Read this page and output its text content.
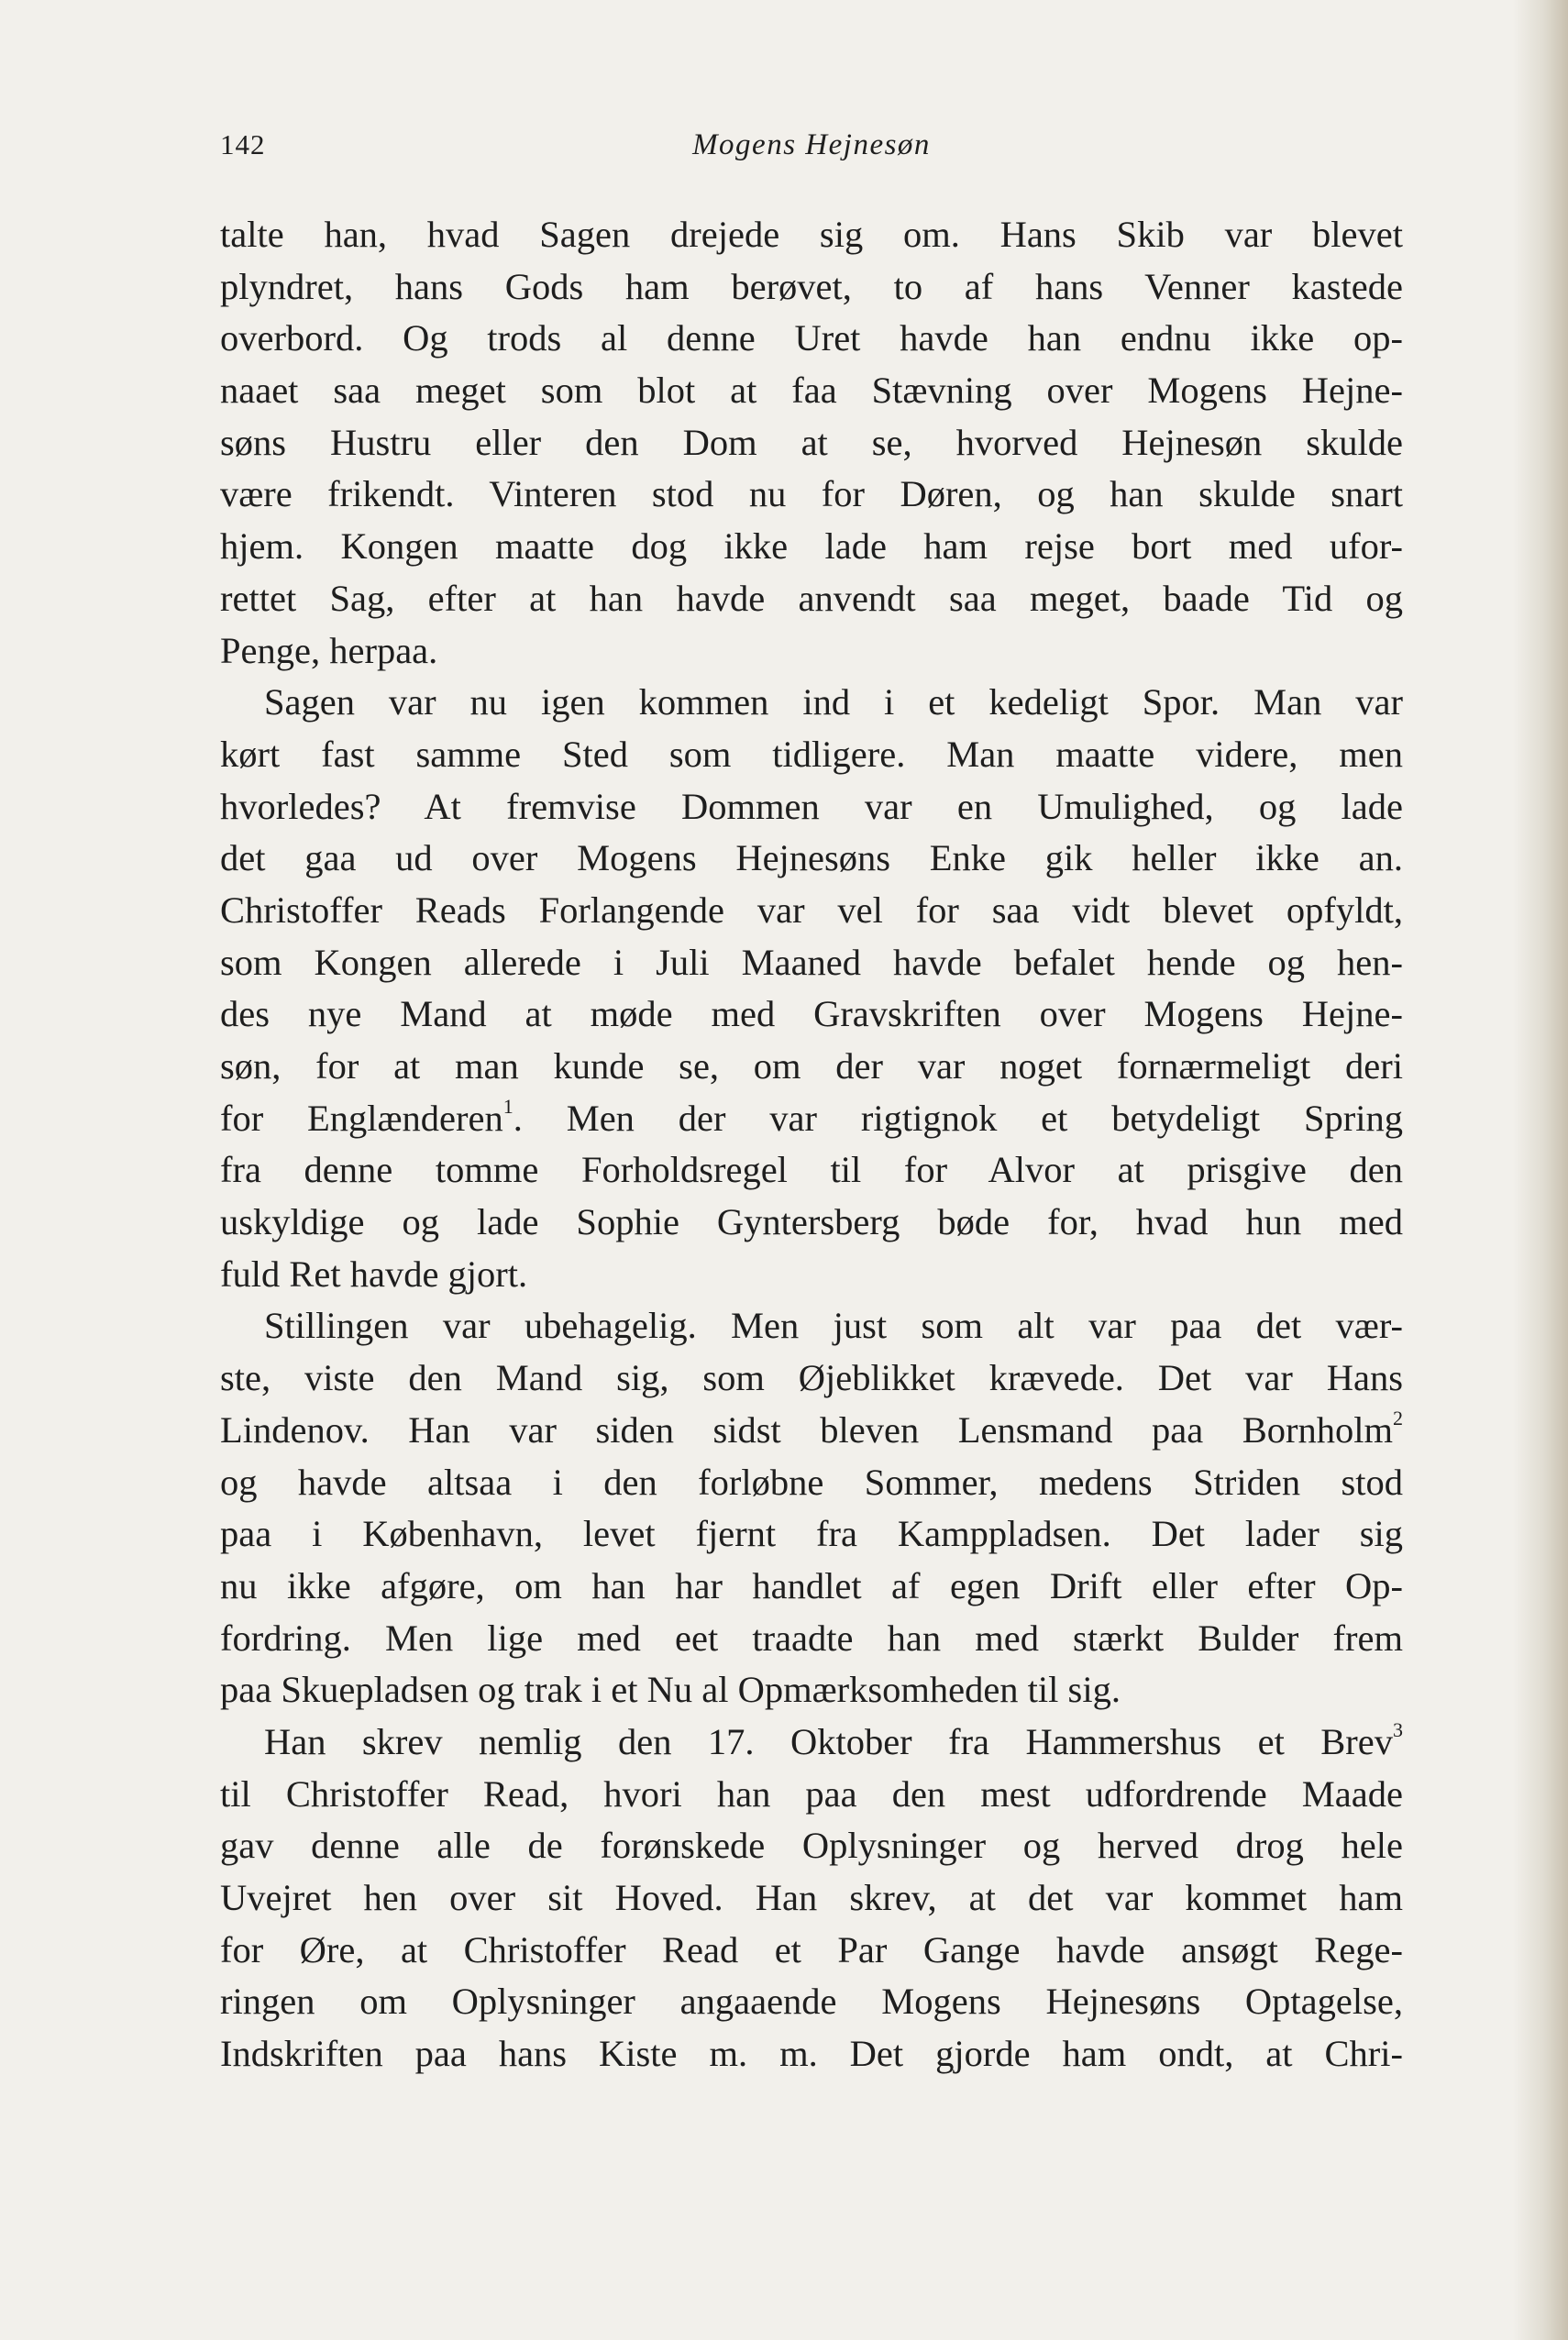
142	Mogens Hejnesøn
talte han, hvad Sagen drejede sig om. Hans Skib var blevet
plyndret, hans Gods ham berøvet, to af hans Venner kastede
overbord. Og trods al denne Uret havde han endnu ikke op-
naaet saa meget som blot at faa Stævning over Mogens Hejne-
søns Hustru eller den Dom at se, hvorved Hejnesøn skulde
være frikendt. Vinteren stod nu for Døren, og han skulde snart
hjem. Kongen maatte dog ikke lade ham rejse bort med ufor-
rettet Sag, efter at han havde anvendt saa meget, baade Tid og
Penge, herpaa.
Sagen var nu igen kommen ind i et kedeligt Spor. Man var
kørt fast samme Sted som tidligere. Man maatte videre, men
hvorledes? At fremvise Dommen var en Umulighed, og lade
det gaa ud over Mogens Hejnesøns Enke gik heller ikke an.
Christoffer Reads Forlangende var vel for saa vidt blevet opfyldt,
som Kongen allerede i Juli Maaned havde befalet hende og hen-
des nye Mand at møde med Gravskriften over Mogens Hejne-
søn, for at man kunde se, om der var noget fornærmeligt deri
for Englænderen$^1$. Men der var rigtignok et betydeligt Spring
fra denne tomme Forholdsregel til for Alvor at prisgive den
uskyldige og lade Sophie Gyntersberg bøde for, hvad hun med
fuld Ret havde gjort.
Stillingen var ubehagelig. Men just som alt var paa det vær-
ste, viste den Mand sig, som Øjeblikket krævede. Det var Hans
Lindenov. Han var siden sidst bleven Lensmand paa Bornholm$^2$
og havde altsaa i den forløbne Sommer, medens Striden stod
paa i København, levet fjernt fra Kamppladsen. Det lader sig
nu ikke afgøre, om han har handlet af egen Drift eller efter Op-
fordring. Men lige med eet traadte han med stærkt Bulder frem
paa Skuepladsen og trak i et Nu al Opmærksomheden til sig.
Han skrev nemlig den 17. Oktober fra Hammershus et Brev$^3$
til Christoffer Read, hvori han paa den mest udfordrende Maade
gav denne alle de forønskede Oplysninger og herved drog hele
Uvejret hen over sit Hoved. Han skrev, at det var kommet ham
for Øre, at Christoffer Read et Par Gange havde ansøgt Rege-
ringen om Oplysninger angaaende Mogens Hejnesøns Optagelse,
Indskriften paa hans Kiste m. m. Det gjorde ham ondt, at Chri-
